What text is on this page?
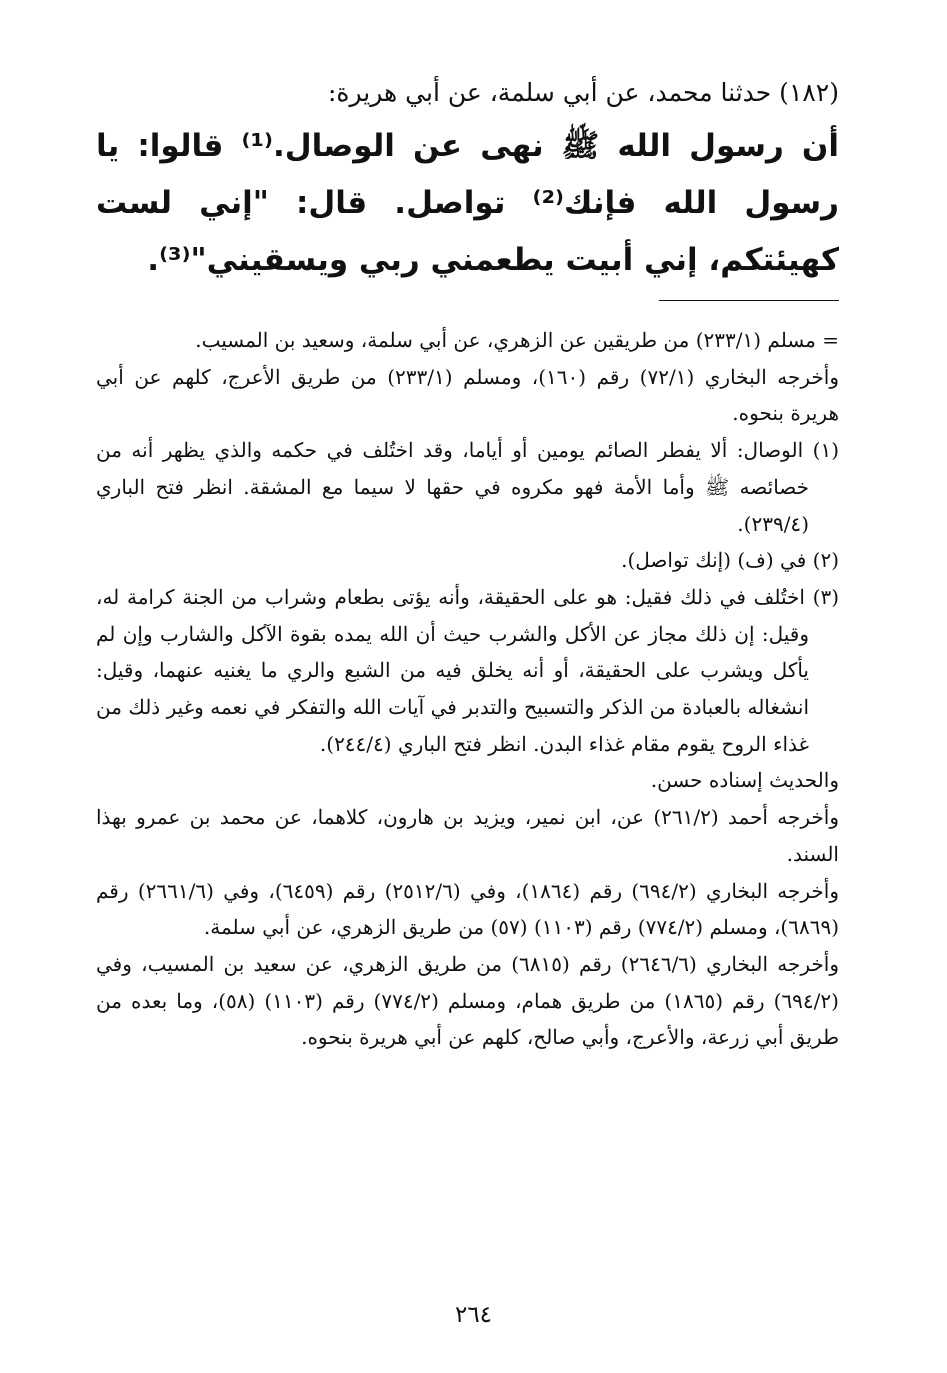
(١٨٢) حدثنا محمد، عن أبي سلمة، عن أبي هريرة:

أن رسول الله ﷺ نهى عن الوصال.⁽¹⁾ قالوا: يا رسول الله فإنك⁽²⁾ تواصل. قال: "إني لست كهيئتكم، إني أبيت يطعمني ربي ويسقيني"⁽³⁾.

= مسلم (٢٣٣/١) من طريقين عن الزهري، عن أبي سلمة، وسعيد بن المسيب.

وأخرجه البخاري (٧٢/١) رقم (١٦٠)، ومسلم (٢٣٣/١) من طريق الأعرج، كلهم عن أبي هريرة بنحوه.

(١) الوصال: ألا يفطر الصائم يومين أو أياما، وقد اختُلف في حكمه والذي يظهر أنه من خصائصه ﷺ وأما الأمة فهو مكروه في حقها لا سيما مع المشقة. انظر فتح الباري (٢٣٩/٤).

(٢) في (ف) (إنك تواصل).

(٣) اختُلف في ذلك فقيل: هو على الحقيقة، وأنه يؤتى بطعام وشراب من الجنة كرامة له، وقيل: إن ذلك مجاز عن الأكل والشرب حيث أن الله يمده بقوة الآكل والشارب وإن لم يأكل ويشرب على الحقيقة، أو أنه يخلق فيه من الشبع والري ما يغنيه عنهما، وقيل: انشغاله بالعبادة من الذكر والتسبيح والتدبر في آيات الله والتفكر في نعمه وغير ذلك من غذاء الروح يقوم مقام غذاء البدن. انظر فتح الباري (٢٤٤/٤).

والحديث إسناده حسن.

وأخرجه أحمد (٢٦١/٢) عن، ابن نمير، ويزيد بن هارون، كلاهما، عن محمد بن عمرو بهذا السند.

وأخرجه البخاري (٦٩٤/٢) رقم (١٨٦٤)، وفي (٢٥١٢/٦) رقم (٦٤٥٩)، وفي (٢٦٦١/٦) رقم (٦٨٦٩)، ومسلم (٧٧٤/٢) رقم (١١٠٣) (٥٧) من طريق الزهري، عن أبي سلمة.

وأخرجه البخاري (٢٦٤٦/٦) رقم (٦٨١٥) من طريق الزهري، عن سعيد بن المسيب، وفي (٦٩٤/٢) رقم (١٨٦٥) من طريق همام، ومسلم (٧٧٤/٢) رقم (١١٠٣) (٥٨)، وما بعده من طريق أبي زرعة، والأعرج، وأبي صالح، كلهم عن أبي هريرة بنحوه.

٢٦٤
